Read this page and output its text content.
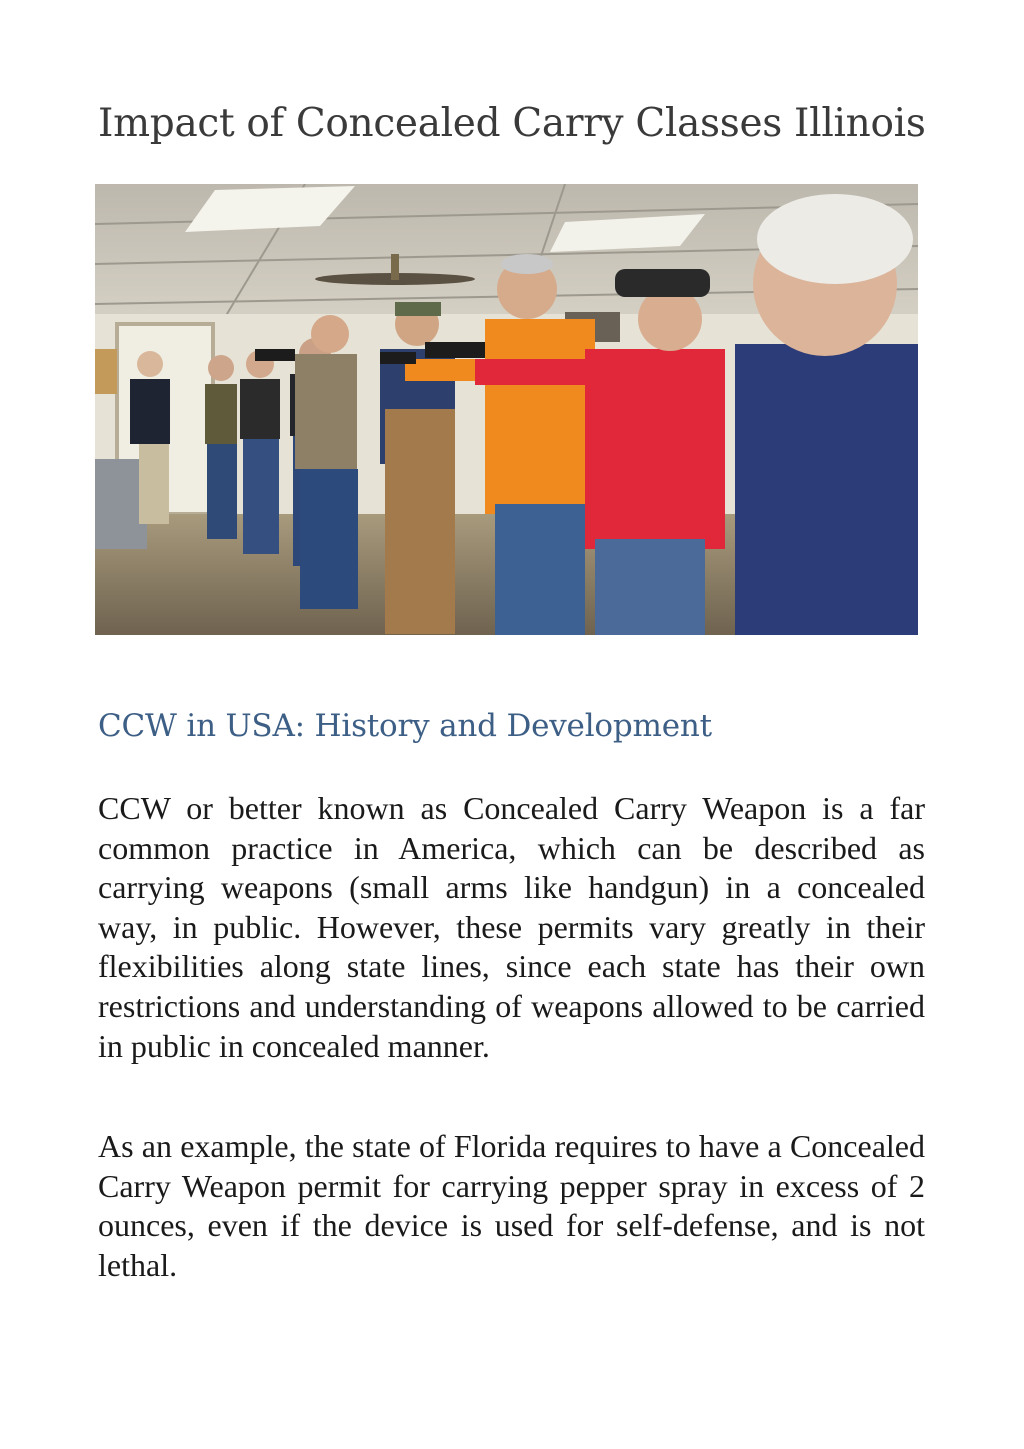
Impact of Concealed Carry Classes Illinois
CCW in USA: History and Development

CCW or better known as Concealed Carry Weapon is a far common practice in America, which can be described as carrying weapons (small arms like handgun) in a concealed way, in public. However, these permits vary greatly in their flexibilities along state lines, since each state has their own restrictions and understanding of weapons allowed to be carried in public in concealed manner.

As an example, the state of Florida requires to have a Concealed Carry Weapon permit for carrying pepper spray in excess of 2 ounces, even if the device is used for self-defense, and is not lethal.
